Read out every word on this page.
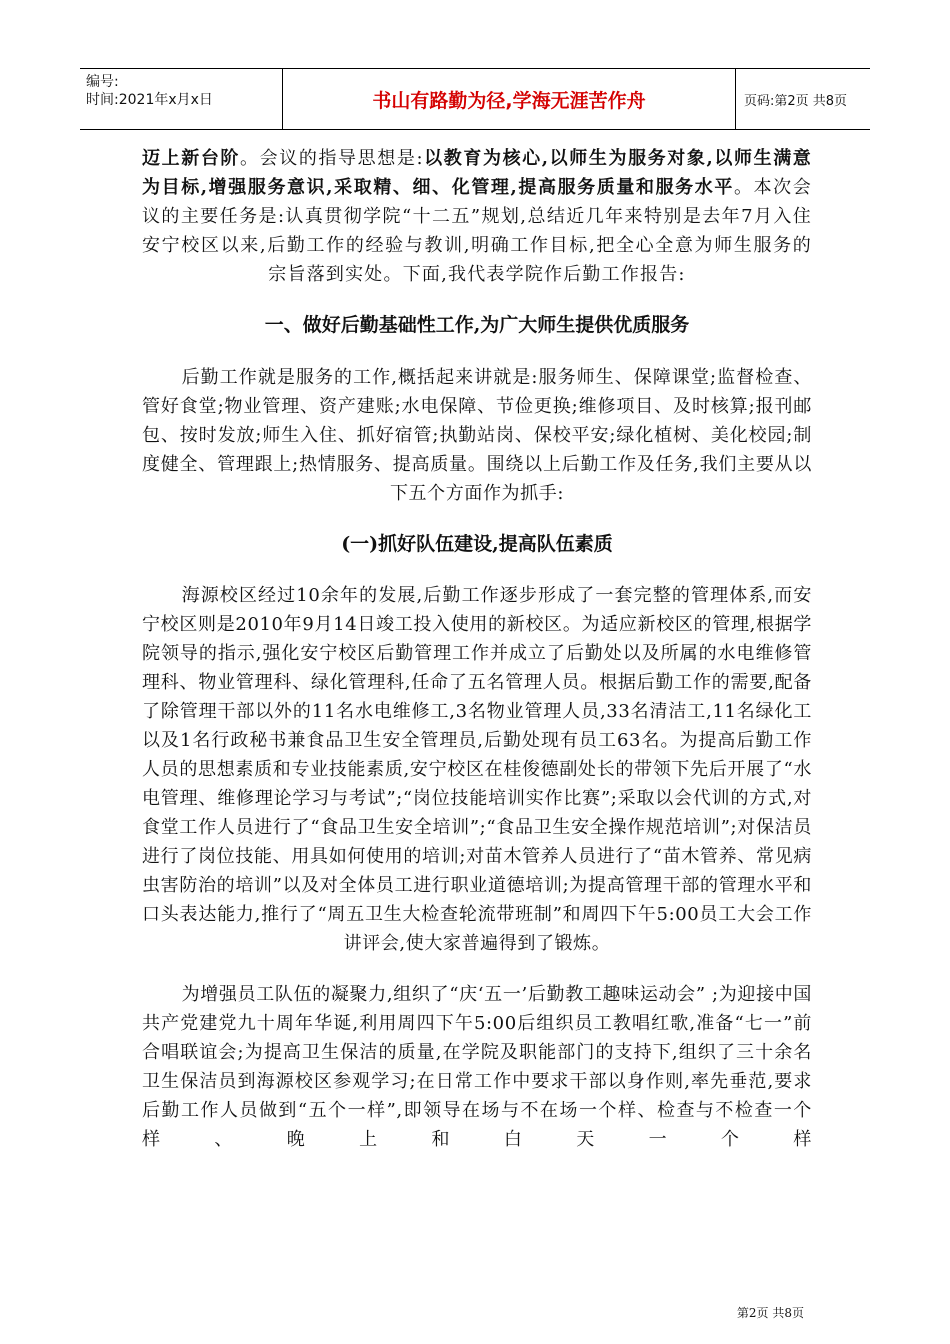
编号:
时间:2021年x月x日	书山有路勤为径,学海无涯苦作舟	页码:第2页 共8页

迈上新台阶。会议的指导思想是:以教育为核心,以师生为服务对象,以师生满意为目标,增强服务意识,采取精、细、化管理,提高服务质量和服务水平。本次会议的主要任务是:认真贯彻学院“十二五”规划,总结近几年来特别是去年7月入住安宁校区以来,后勤工作的经验与教训,明确工作目标,把全心全意为师生服务的宗旨落到实处。下面,我代表学院作后勤工作报告:

一、做好后勤基础性工作,为广大师生提供优质服务

后勤工作就是服务的工作,概括起来讲就是:服务师生、保障课堂;监督检查、管好食堂;物业管理、资产建账;水电保障、节俭更换;维修项目、及时核算;报刊邮包、按时发放;师生入住、抓好宿管;执勤站岗、保校平安;绿化植树、美化校园;制度健全、管理跟上;热情服务、提高质量。围绕以上后勤工作及任务,我们主要从以下五个方面作为抓手:

(一)抓好队伍建设,提高队伍素质

海源校区经过10余年的发展,后勤工作逐步形成了一套完整的管理体系,而安宁校区则是2010年9月14日竣工投入使用的新校区。为适应新校区的管理,根据学院领导的指示,强化安宁校区后勤管理工作并成立了后勤处以及所属的水电维修管理科、物业管理科、绿化管理科,任命了五名管理人员。根据后勤工作的需要,配备了除管理干部以外的11名水电维修工,3名物业管理人员,33名清洁工,11名绿化工以及1名行政秘书兼食品卫生安全管理员,后勤处现有员工63名。为提高后勤工作人员的思想素质和专业技能素质,安宁校区在桂俊德副处长的带领下先后开展了“水电管理、维修理论学习与考试”;“岗位技能培训实作比赛”;采取以会代训的方式,对食堂工作人员进行了“食品卫生安全培训”;“食品卫生安全操作规范培训”;对保洁员进行了岗位技能、用具如何使用的培训;对苗木管养人员进行了“苗木管养、常见病虫害防治的培训”以及对全体员工进行职业道德培训;为提高管理干部的管理水平和口头表达能力,推行了“周五卫生大检查轮流带班制”和周四下午5:00员工大会工作讲评会,使大家普遍得到了锻炼。

为增强员工队伍的凝聚力,组织了“庆‘五一’后勤教工趣味运动会” ;为迎接中国共产党建党九十周年华诞,利用周四下午5:00后组织员工教唱红歌,准备“七一”前合唱联谊会;为提高卫生保洁的质量,在学院及职能部门的支持下,组织了三十余名卫生保洁员到海源校区参观学习;在日常工作中要求干部以身作则,率先垂范,要求后勤工作人员做到“五个一样”,即领导在场与不在场一个样、检查与不检查一个样、晚上和白天一个样

第2页 共8页
